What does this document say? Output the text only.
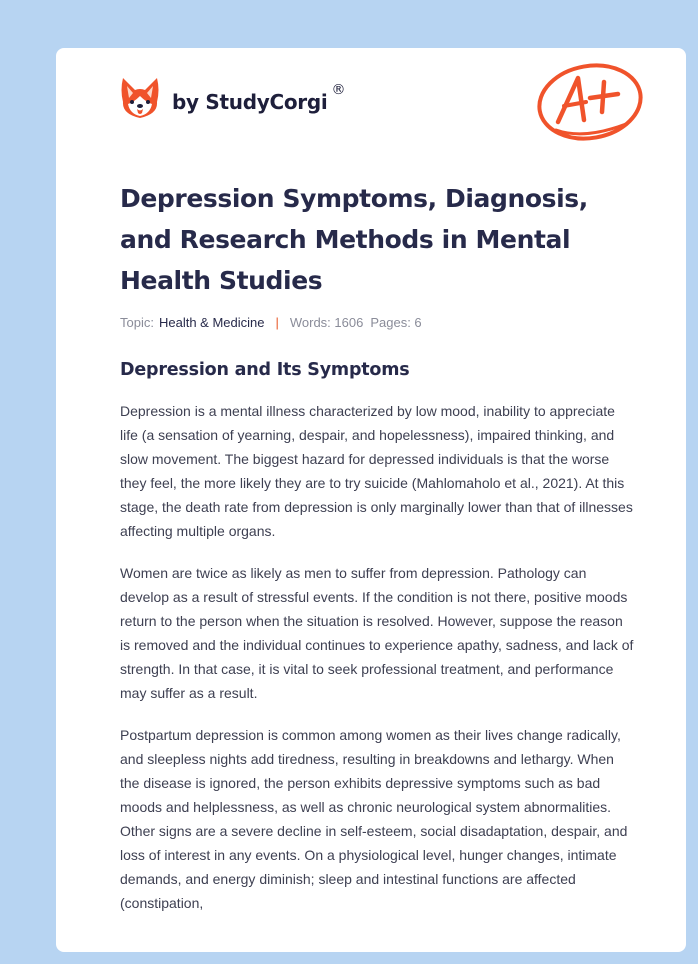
by StudyCorgi ®
Depression Symptoms, Diagnosis, and Research Methods in Mental Health Studies
Topic: Health & Medicine | Words: 1606 Pages: 6
Depression and Its Symptoms

Depression is a mental illness characterized by low mood, inability to appreciate life (a sensation of yearning, despair, and hopelessness), impaired thinking, and slow movement. The biggest hazard for depressed individuals is that the worse they feel, the more likely they are to try suicide (Mahlomaholo et al., 2021). At this stage, the death rate from depression is only marginally lower than that of illnesses affecting multiple organs.

Women are twice as likely as men to suffer from depression. Pathology can develop as a result of stressful events. If the condition is not there, positive moods return to the person when the situation is resolved. However, suppose the reason is removed and the individual continues to experience apathy, sadness, and lack of strength. In that case, it is vital to seek professional treatment, and performance may suffer as a result.

Postpartum depression is common among women as their lives change radically, and sleepless nights add tiredness, resulting in breakdowns and lethargy. When the disease is ignored, the person exhibits depressive symptoms such as bad moods and helplessness, as well as chronic neurological system abnormalities. Other signs are a severe decline in self-esteem, social disadaptation, despair, and loss of interest in any events. On a physiological level, hunger changes, intimate demands, and energy diminish; sleep and intestinal functions are affected (constipation,
